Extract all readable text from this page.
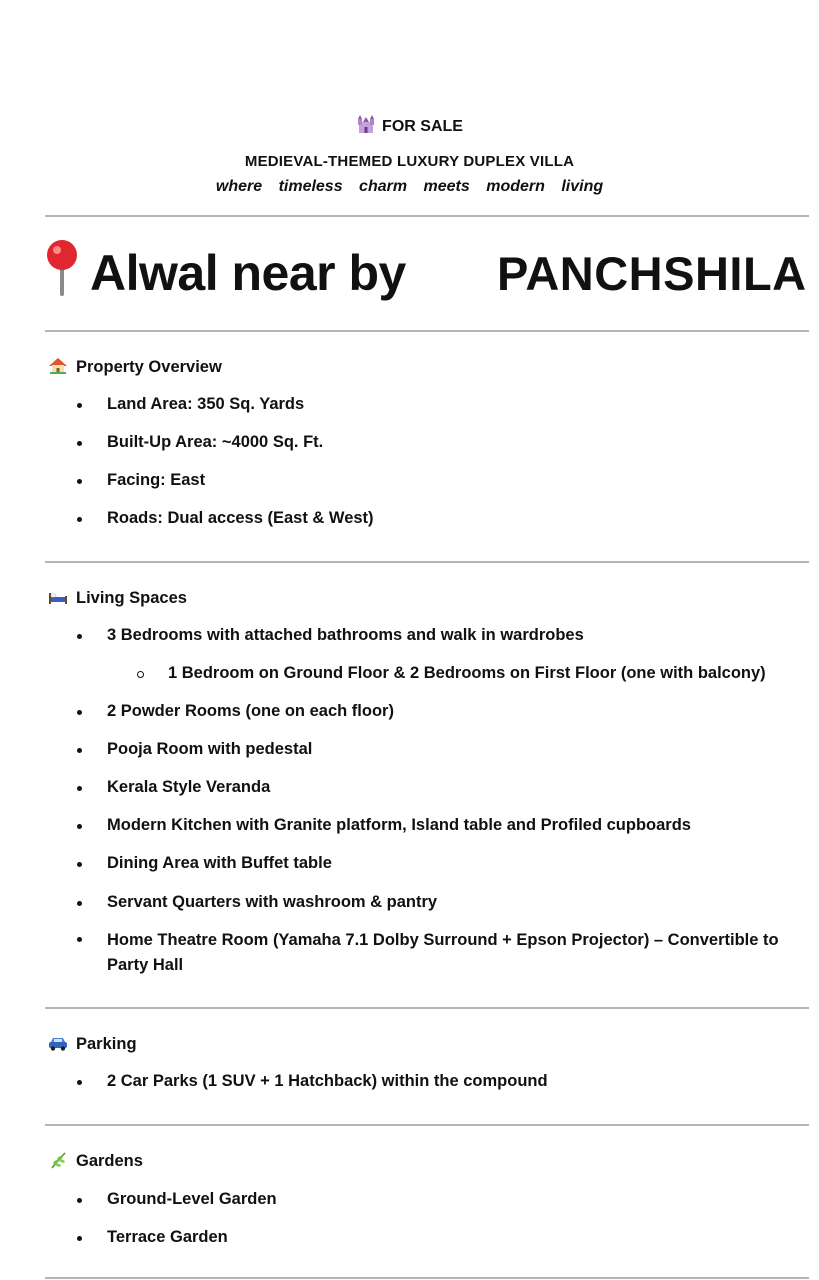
FOR SALE
MEDIEVAL-THEMED LUXURY DUPLEX VILLA
where timeless charm meets modern living
Alwal near by PANCHSHILA
Property Overview
Land Area: 350 Sq. Yards
Built-Up Area: ~4000 Sq. Ft.
Facing: East
Roads: Dual access (East & West)
Living Spaces
3 Bedrooms with attached bathrooms and walk in wardrobes
1 Bedroom on Ground Floor & 2 Bedrooms on First Floor (one with balcony)
2 Powder Rooms (one on each floor)
Pooja Room with pedestal
Kerala Style Veranda
Modern Kitchen with Granite platform, Island table and Profiled cupboards
Dining Area with Buffet table
Servant Quarters with washroom & pantry
Home Theatre Room (Yamaha 7.1 Dolby Surround + Epson Projector) – Convertible to Party Hall
Parking
2 Car Parks (1 SUV + 1 Hatchback) within the compound
Gardens
Ground-Level Garden
Terrace Garden
